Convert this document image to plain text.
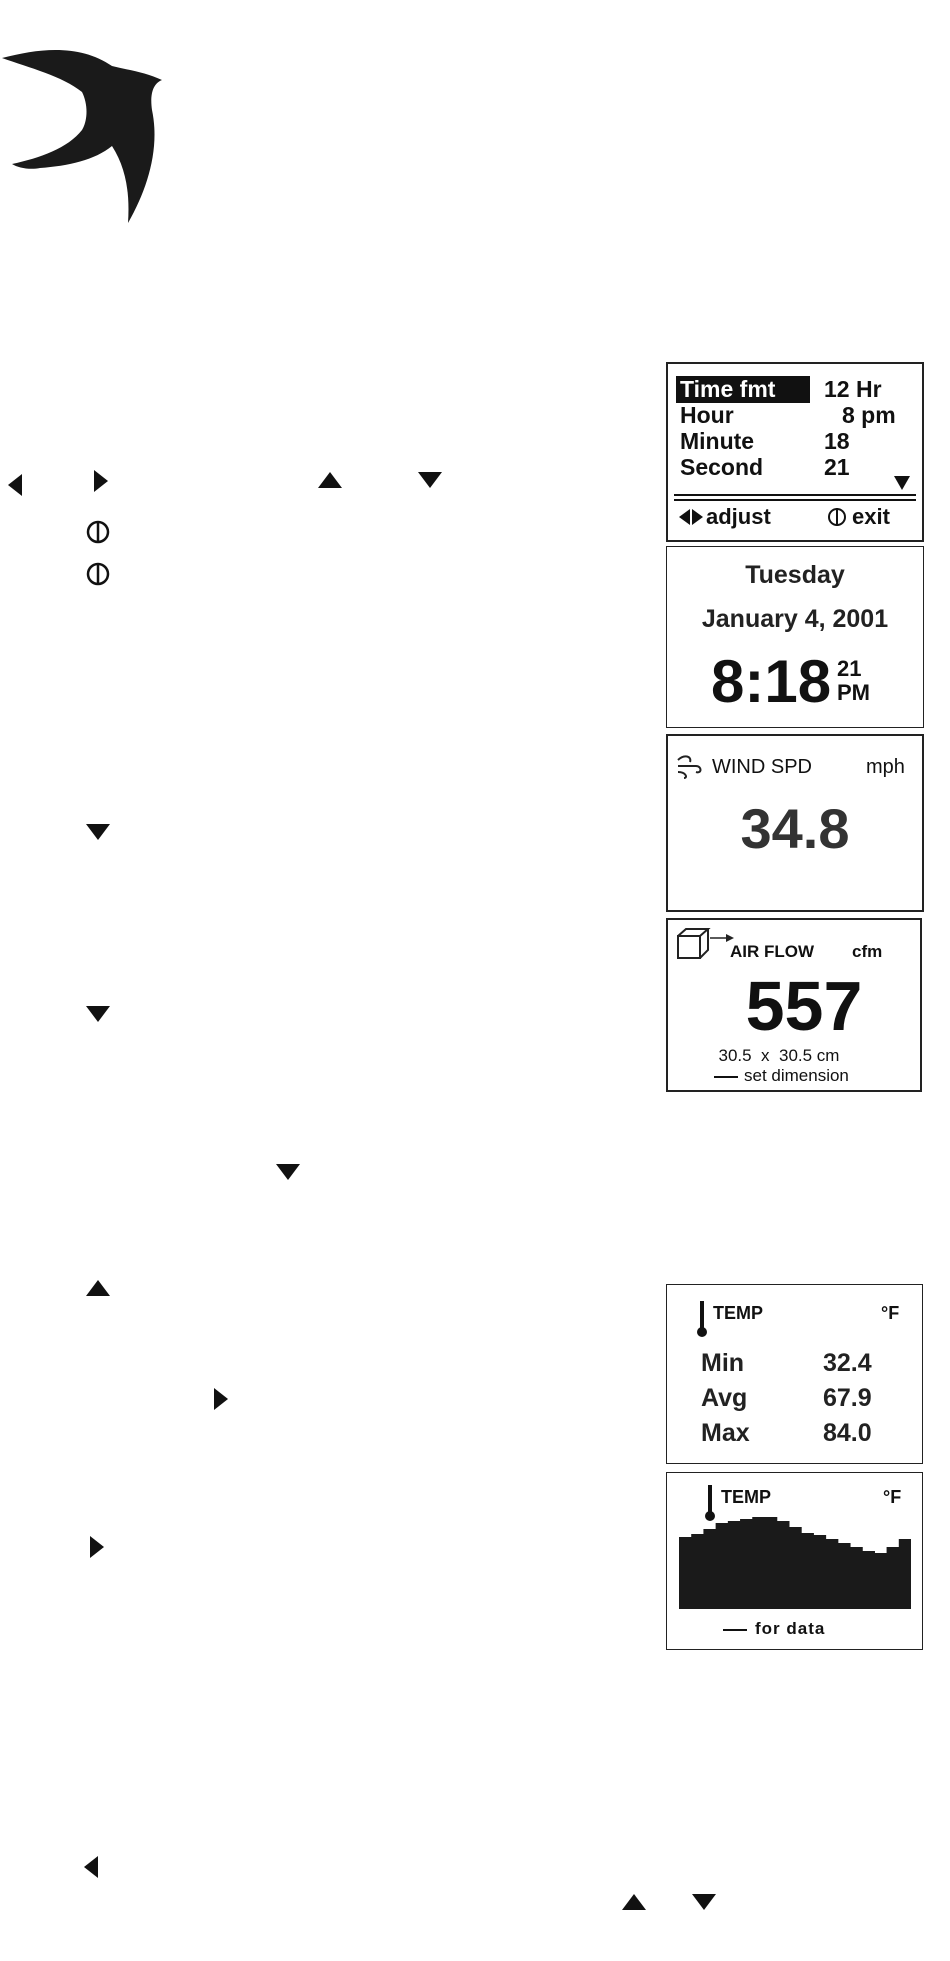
Time fmt	12 Hr
Hour	8 pm
Minute	18
Second	21
adjust	exit
Tuesday
January 4, 2001
8:18 21
PM
WIND SPD	mph
34.8
AIR FLOW cfm
557
30.5  x  30.5 cm
set dimension
TEMP	°F
Min	32.4
Avg	67.9
Max	84.0
TEMP	°F
for data
